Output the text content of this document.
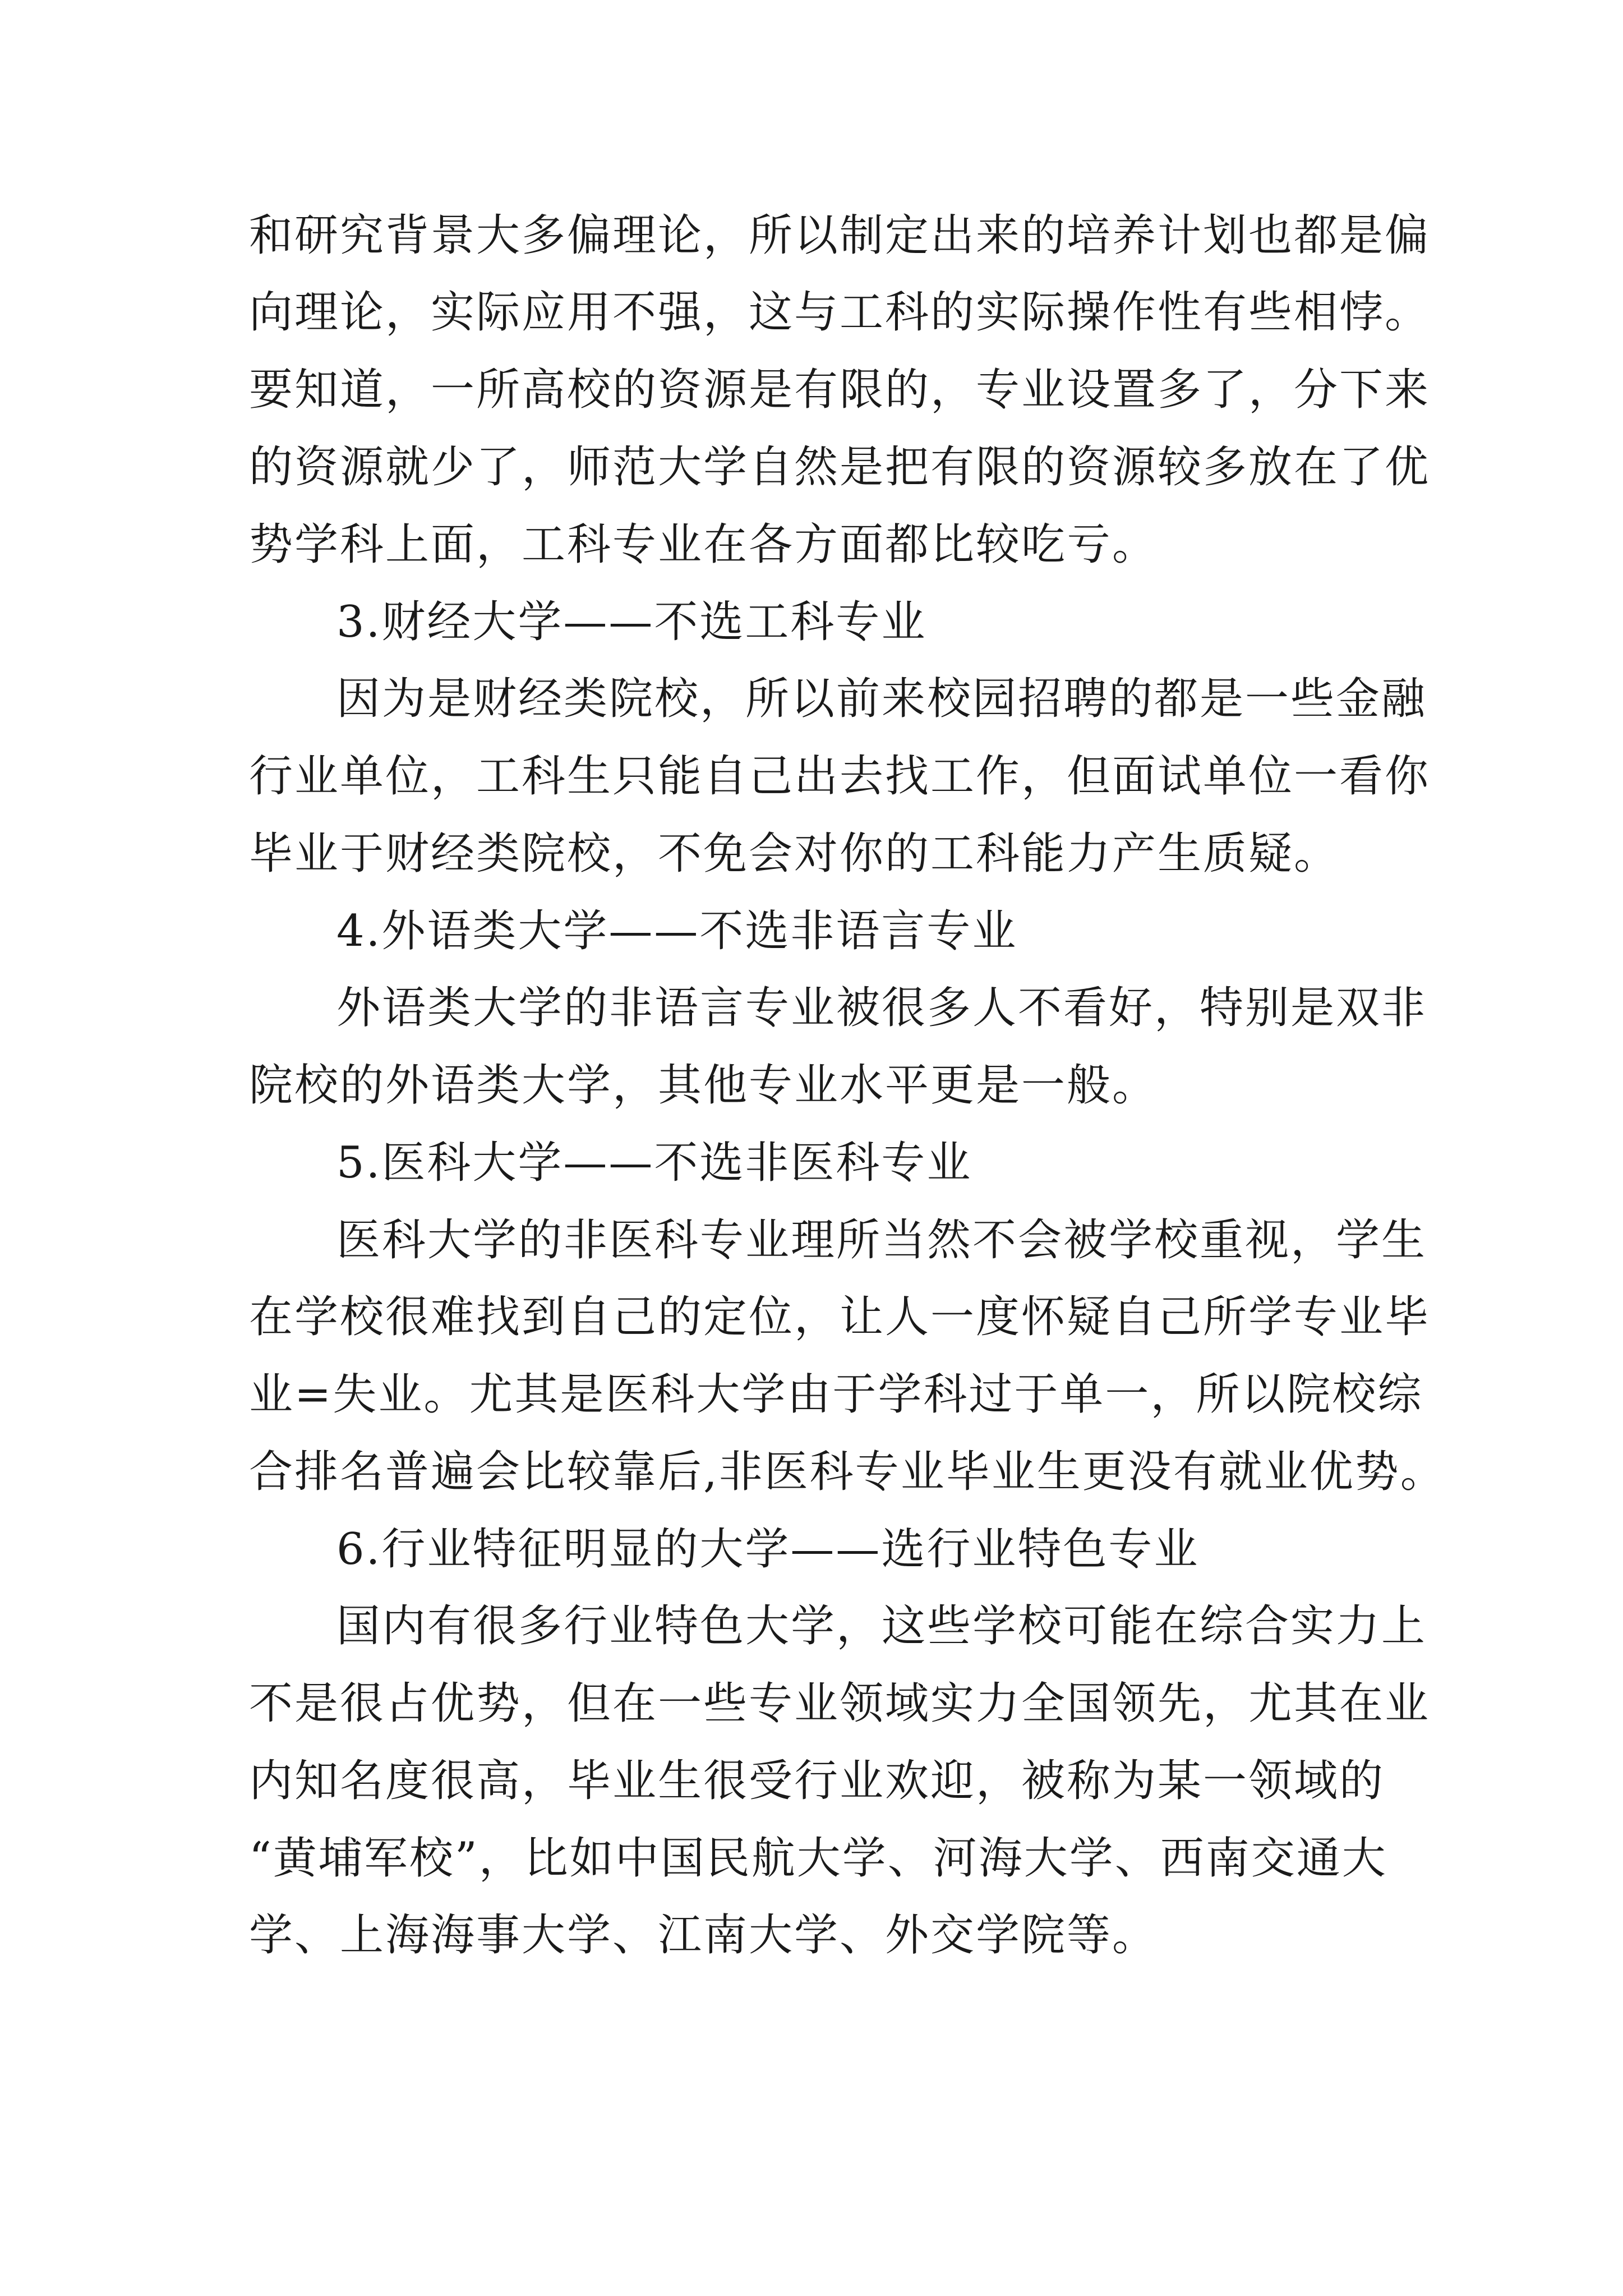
和研究背景大多偏理论，所以制定出来的培养计划也都是偏
向理论，实际应用不强，这与工科的实际操作性有些相悖。
要知道，一所高校的资源是有限的，专业设置多了，分下来
的资源就少了，师范大学自然是把有限的资源较多放在了优
势学科上面，工科专业在各方面都比较吃亏。
3.财经大学——不选工科专业
因为是财经类院校，所以前来校园招聘的都是一些金融
行业单位，工科生只能自己出去找工作，但面试单位一看你
毕业于财经类院校，不免会对你的工科能力产生质疑。
4.外语类大学——不选非语言专业
外语类大学的非语言专业被很多人不看好，特别是双非
院校的外语类大学，其他专业水平更是一般。
5.医科大学——不选非医科专业
医科大学的非医科专业理所当然不会被学校重视，学生
在学校很难找到自己的定位，让人一度怀疑自己所学专业毕
业=失业。尤其是医科大学由于学科过于单一，所以院校综
合排名普遍会比较靠后,非医科专业毕业生更没有就业优势。
6.行业特征明显的大学——选行业特色专业
国内有很多行业特色大学，这些学校可能在综合实力上
不是很占优势，但在一些专业领域实力全国领先，尤其在业
内知名度很高，毕业生很受行业欢迎，被称为某一领域的
“黄埔军校”，比如中国民航大学、河海大学、西南交通大
学、上海海事大学、江南大学、外交学院等。
